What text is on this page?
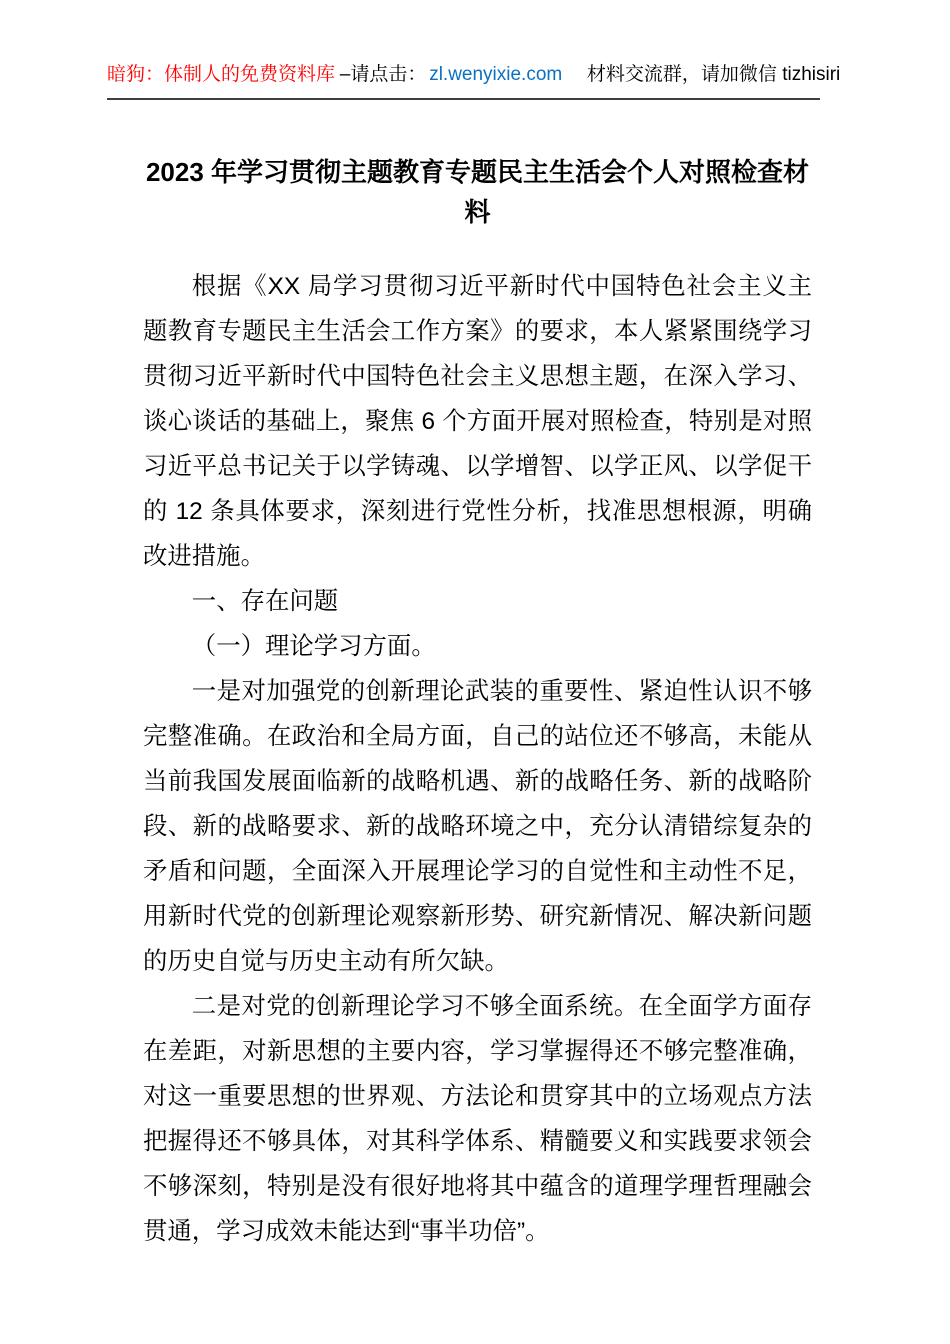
暗狗：体制人的免费资料库 –请点击： zl.wenyixie.com 材料交流群，请加微信 tizhisiri
2023 年学习贯彻主题教育专题民主生活会个人对照检查材料

根据《XX 局学习贯彻习近平新时代中国特色社会主义主题教育专题民主生活会工作方案》的要求，本人紧紧围绕学习贯彻习近平新时代中国特色社会主义思想主题，在深入学习、谈心谈话的基础上，聚焦 6 个方面开展对照检查，特别是对照习近平总书记关于以学铸魂、以学增智、以学正风、以学促干的 12 条具体要求，深刻进行党性分析，找准思想根源，明确改进措施。

一、存在问题
（一）理论学习方面。

一是对加强党的创新理论武装的重要性、紧迫性认识不够完整准确。在政治和全局方面，自己的站位还不够高，未能从当前我国发展面临新的战略机遇、新的战略任务、新的战略阶段、新的战略要求、新的战略环境之中，充分认清错综复杂的矛盾和问题，全面深入开展理论学习的自觉性和主动性不足，用新时代党的创新理论观察新形势、研究新情况、解决新问题的历史自觉与历史主动有所欠缺。

二是对党的创新理论学习不够全面系统。在全面学方面存在差距，对新思想的主要内容，学习掌握得还不够完整准确，对这一重要思想的世界观、方法论和贯穿其中的立场观点方法把握得还不够具体，对其科学体系、精髓要义和实践要求领会不够深刻，特别是没有很好地将其中蕴含的道理学理哲理融会贯通，学习成效未能达到“事半功倍”。
